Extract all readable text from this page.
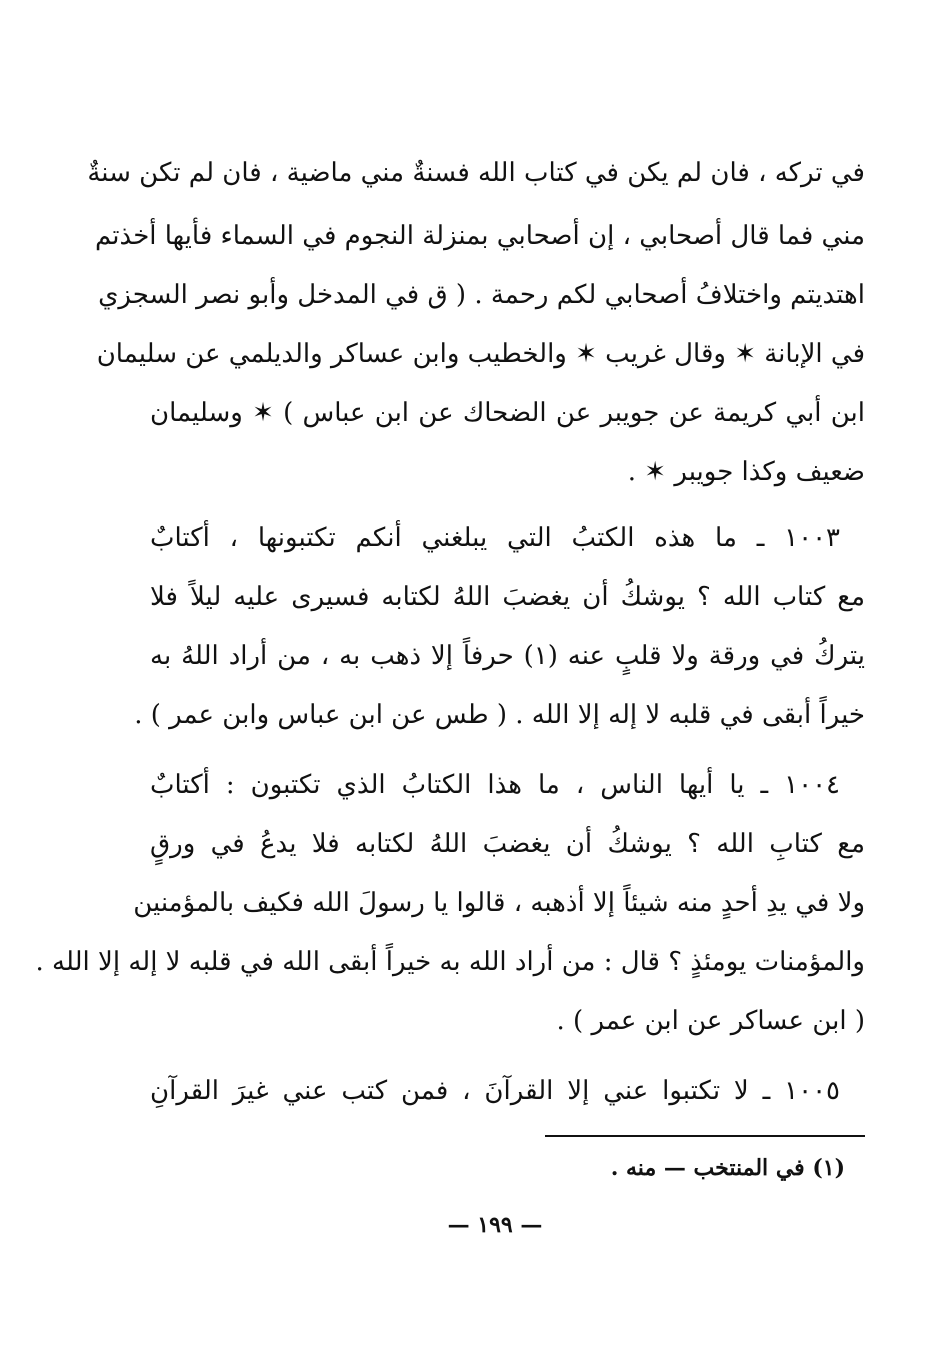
في تركه ، فان لم يكن في كتاب الله فسنةٌ مني ماضية ، فان لم تكن سنةٌ
مني فما قال أصحابي ، إن أصحابي بمنزلة النجوم في السماء فأيها أخذتم
اهتديتم واختلافُ أصحابي لكم رحمة . ( ق في المدخل وأبو نصر السجزي
في الإبانة ✶ وقال غريب ✶ والخطيب وابن عساكر والديلمي عن سليمان
ابن أبي كريمة عن جويبر عن الضحاك عن ابن عباس ) ✶ وسليمان
ضعيف وكذا جويبر ✶ .
١٠٠٣ ـ ما هذه الكتبُ التي يبلغني أنكم تكتبونها ، أكتابٌ
مع كتاب الله ؟ يوشكُ أن يغضبَ اللهُ لكتابه فسيرى عليه ليلاً فلا
يتركُ في ورقة ولا قلبٍ عنه (١) حرفاً إلا ذهب به ، من أراد اللهُ به
خيراً أبقى في قلبه لا إله إلا الله . ( طس عن ابن عباس وابن عمر ) .
١٠٠٤ ـ يا أيها الناس ، ما هذا الكتابُ الذي تكتبون : أكتابٌ
مع كتابِ الله ؟ يوشكُ أن يغضبَ اللهُ لكتابه فلا يدعُ في ورقٍ
ولا في يدِ أحدٍ منه شيئاً إلا أذهبه ، قالوا يا رسولَ الله فكيف بالمؤمنين
والمؤمنات يومئذٍ ؟ قال : من أراد الله به خيراً أبقى الله في قلبه لا إله إلا الله .
( ابن عساكر عن ابن عمر ) .
١٠٠٥ ـ لا تكتبوا عني إلا القرآنَ ، فمن كتب عني غيرَ القرآنِ
(١) في المنتخب — منه .
— ١٩٩ —
